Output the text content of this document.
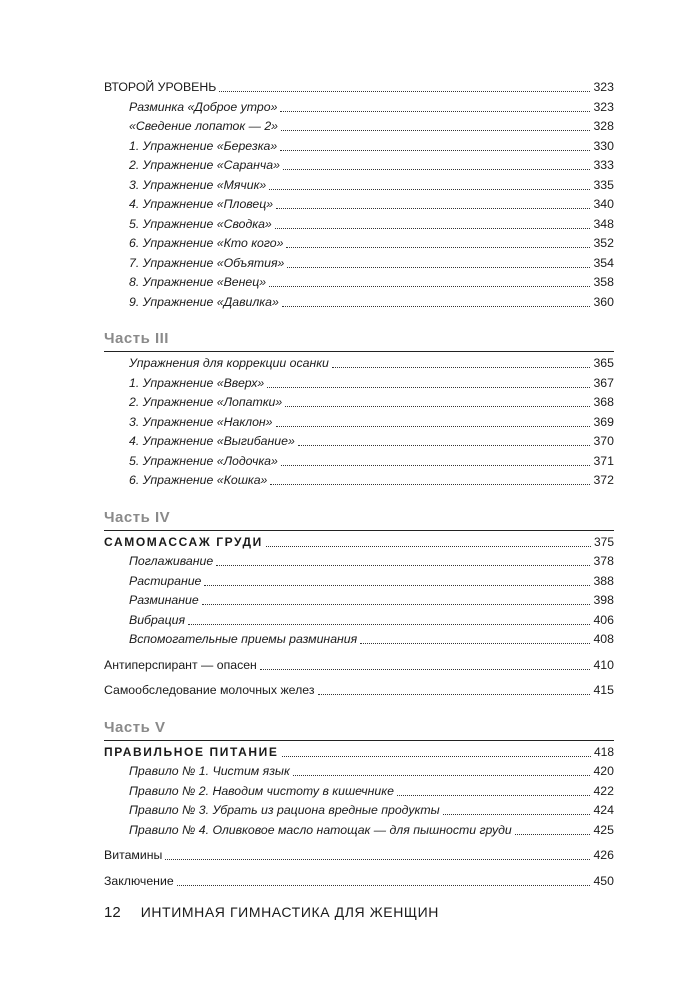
ВТОРОЙ УРОВЕНЬ	323
Разминка «Доброе утро»	323
«Сведение лопаток — 2»	328
1. Упражнение «Березка»	330
2. Упражнение «Саранча»	333
3. Упражнение «Мячик»	335
4. Упражнение «Пловец»	340
5. Упражнение «Сводка»	348
6. Упражнение «Кто кого»	352
7. Упражнение «Объятия»	354
8. Упражнение «Венец»	358
9. Упражнение «Давилка»	360
Часть III
Упражнения для коррекции осанки	365
1. Упражнение «Вверх»	367
2. Упражнение «Лопатки»	368
3. Упражнение «Наклон»	369
4. Упражнение «Выгибание»	370
5. Упражнение «Лодочка»	371
6. Упражнение «Кошка»	372
Часть IV
САМОМАССАЖ ГРУДИ	375
Поглаживание	378
Растирание	388
Разминание	398
Вибрация	406
Вспомогательные приемы разминания	408
Антиперспирант — опасен	410
Самообследование молочных желез	415
Часть V
ПРАВИЛЬНОЕ ПИТАНИЕ	418
Правило № 1. Чистим язык	420
Правило № 2. Наводим чистоту в кишечнике	422
Правило № 3. Убрать из рациона вредные продукты	424
Правило № 4. Оливковое масло натощак — для пышности груди	425
Витамины	426
Заключение	450
12 ИНТИМНАЯ ГИМНАСТИКА ДЛЯ ЖЕНЩИН
